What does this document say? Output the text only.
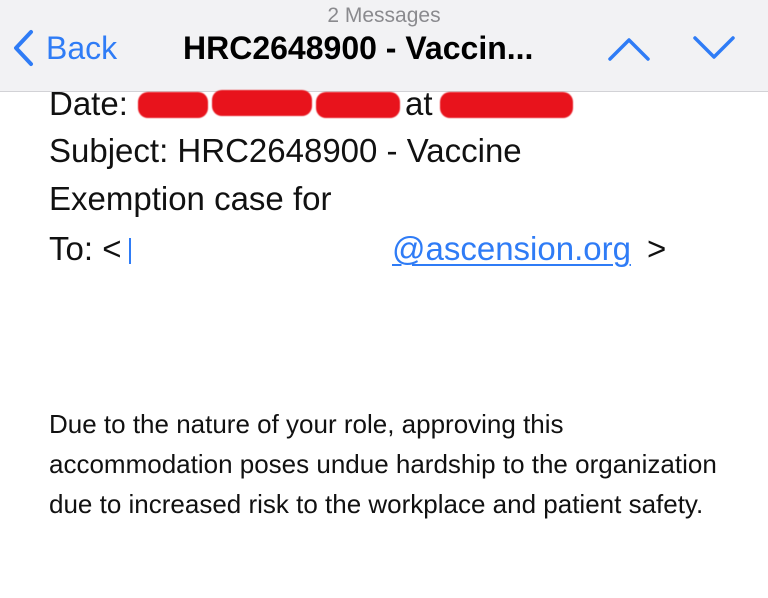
2 Messages
Back HRC2648900 - Vaccin...
Date:	at
Subject: HRC2648900 - Vaccine
Exemption case for
To: <	@ascension.org >
Due to the nature of your role, approving this accommodation poses undue hardship to the organization due to increased risk to the workplace and patient safety.
